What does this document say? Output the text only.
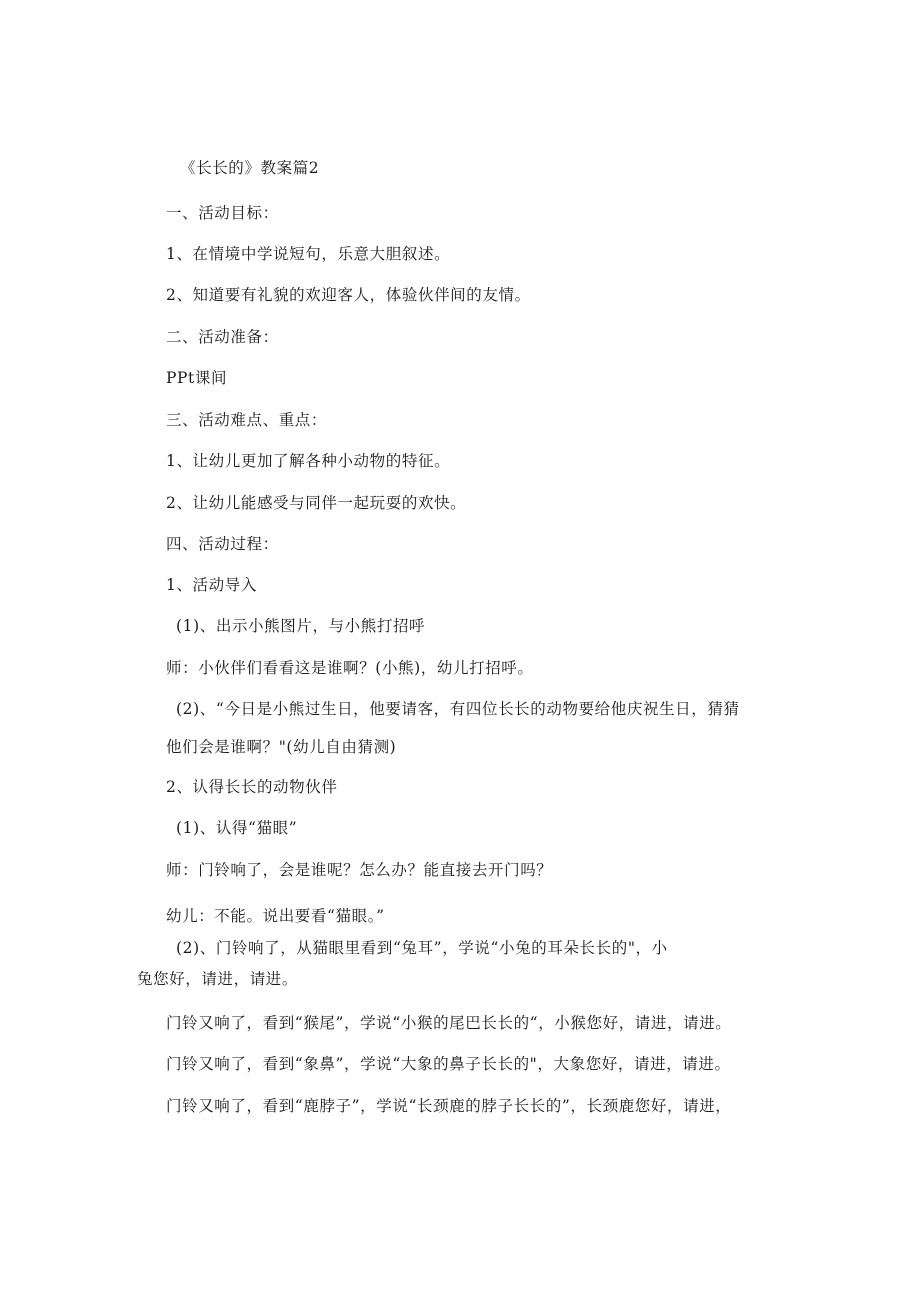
《长长的》教案篇2
一、活动目标：
1、在情境中学说短句，乐意大胆叙述。
2、知道要有礼貌的欢迎客人，体验伙伴间的友情。
二、活动准备：
PPt课间
三、活动难点、重点：
1、让幼儿更加了解各种小动物的特征。
2、让幼儿能感受与同伴一起玩耍的欢快。
四、活动过程：
1、活动导入
(1)、出示小熊图片，与小熊打招呼
师：小伙伴们看看这是谁啊？(小熊)，幼儿打招呼。
(2)、“今日是小熊过生日，他要请客，有四位长长的动物要给他庆祝生日，猜猜
他们会是谁啊？"(幼儿自由猜测)
2、认得长长的动物伙伴
(1)、认得“猫眼”
师：门铃响了，会是谁呢？怎么办？能直接去开门吗？
幼儿：不能。说出要看“猫眼。”
(2)、门铃响了，从猫眼里看到“兔耳”，学说“小兔的耳朵长长的"，小
兔您好，请进，请进。
门铃又响了，看到“猴尾”，学说“小猴的尾巴长长的“，小猴您好，请进，请进。
门铃又响了，看到“象鼻”，学说“大象的鼻子长长的"，大象您好，请进，请进。
门铃又响了，看到“鹿脖子”，学说“长颈鹿的脖子长长的”，长颈鹿您好，请进，
